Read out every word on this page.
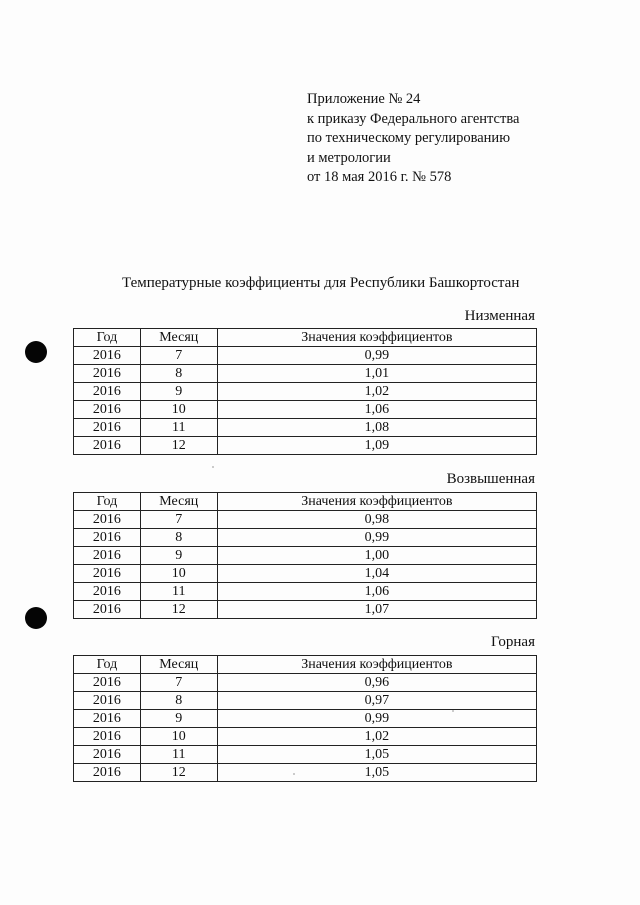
Приложение № 24
к приказу Федерального агентства
по техническому регулированию
и метрологии
от 18 мая 2016 г. № 578
Температурные коэффициенты для Республики Башкортостан
Низменная
Год	Месяц	Значения коэффициентов
2016	7	0,99
2016	8	1,01
2016	9	1,02
2016	10	1,06
2016	11	1,08
2016	12	1,09
Возвышенная
Год	Месяц	Значения коэффициентов
2016	7	0,98
2016	8	0,99
2016	9	1,00
2016	10	1,04
2016	11	1,06
2016	12	1,07
Горная
Год	Месяц	Значения коэффициентов
2016	7	0,96
2016	8	0,97
2016	9	0,99
2016	10	1,02
2016	11	1,05
2016	12	1,05
